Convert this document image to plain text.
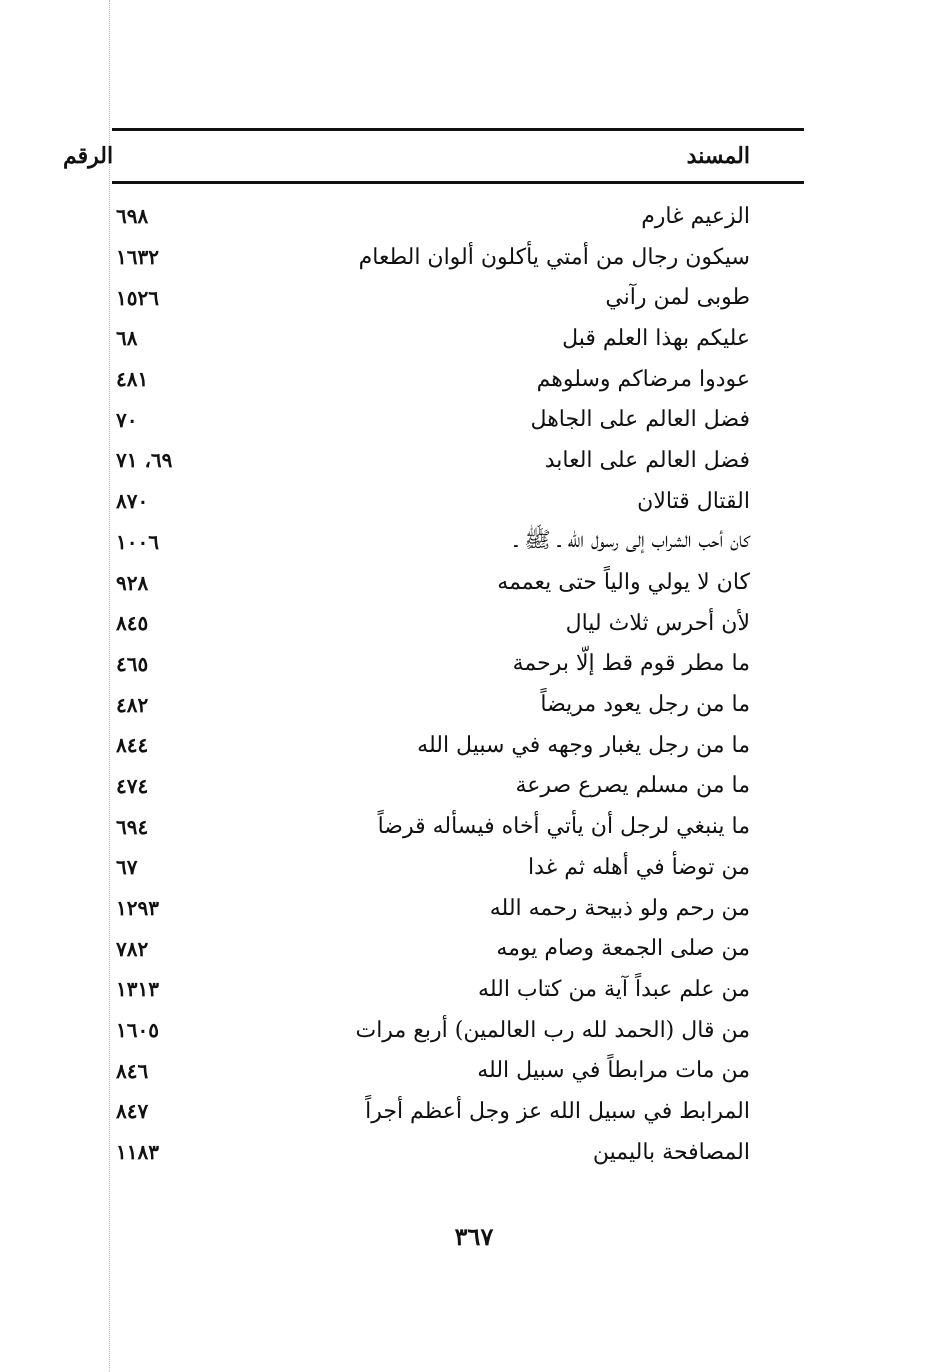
المسند
الرقم
الزعيم غارم
٦٩٨
سيكون رجال من أمتي يأكلون ألوان الطعام
١٦٣٢
طوبى لمن رآني
١٥٢٦
عليكم بهذا العلم قبل
٦٨
عودوا مرضاكم وسلوهم
٤٨١
فضل العالم على الجاهل
٧٠
فضل العالم على العابد
٦٩، ٧١
القتال قتالان
٨٧٠
كان أحب الشراب إلى رسول الله ـ ﷺ ـ
١٠٠٦
كان لا يولي والياً حتى يعممه
٩٢٨
لأن أحرس ثلاث ليال
٨٤٥
ما مطر قوم قط إلّا برحمة
٤٦٥
ما من رجل يعود مريضاً
٤٨٢
ما من رجل يغبار وجهه في سبيل الله
٨٤٤
ما من مسلم يصرع صرعة
٤٧٤
ما ينبغي لرجل أن يأتي أخاه فيسأله قرضاً
٦٩٤
من توضأ في أهله ثم غدا
٦٧
من رحم ولو ذبيحة رحمه الله
١٢٩٣
من صلى الجمعة وصام يومه
٧٨٢
من علم عبداً آية من كتاب الله
١٣١٣
من قال (الحمد لله رب العالمين) أربع مرات
١٦٠٥
من مات مرابطاً في سبيل الله
٨٤٦
المرابط في سبيل الله عز وجل أعظم أجراً
٨٤٧
المصافحة باليمين
١١٨٣
٣٦٧
